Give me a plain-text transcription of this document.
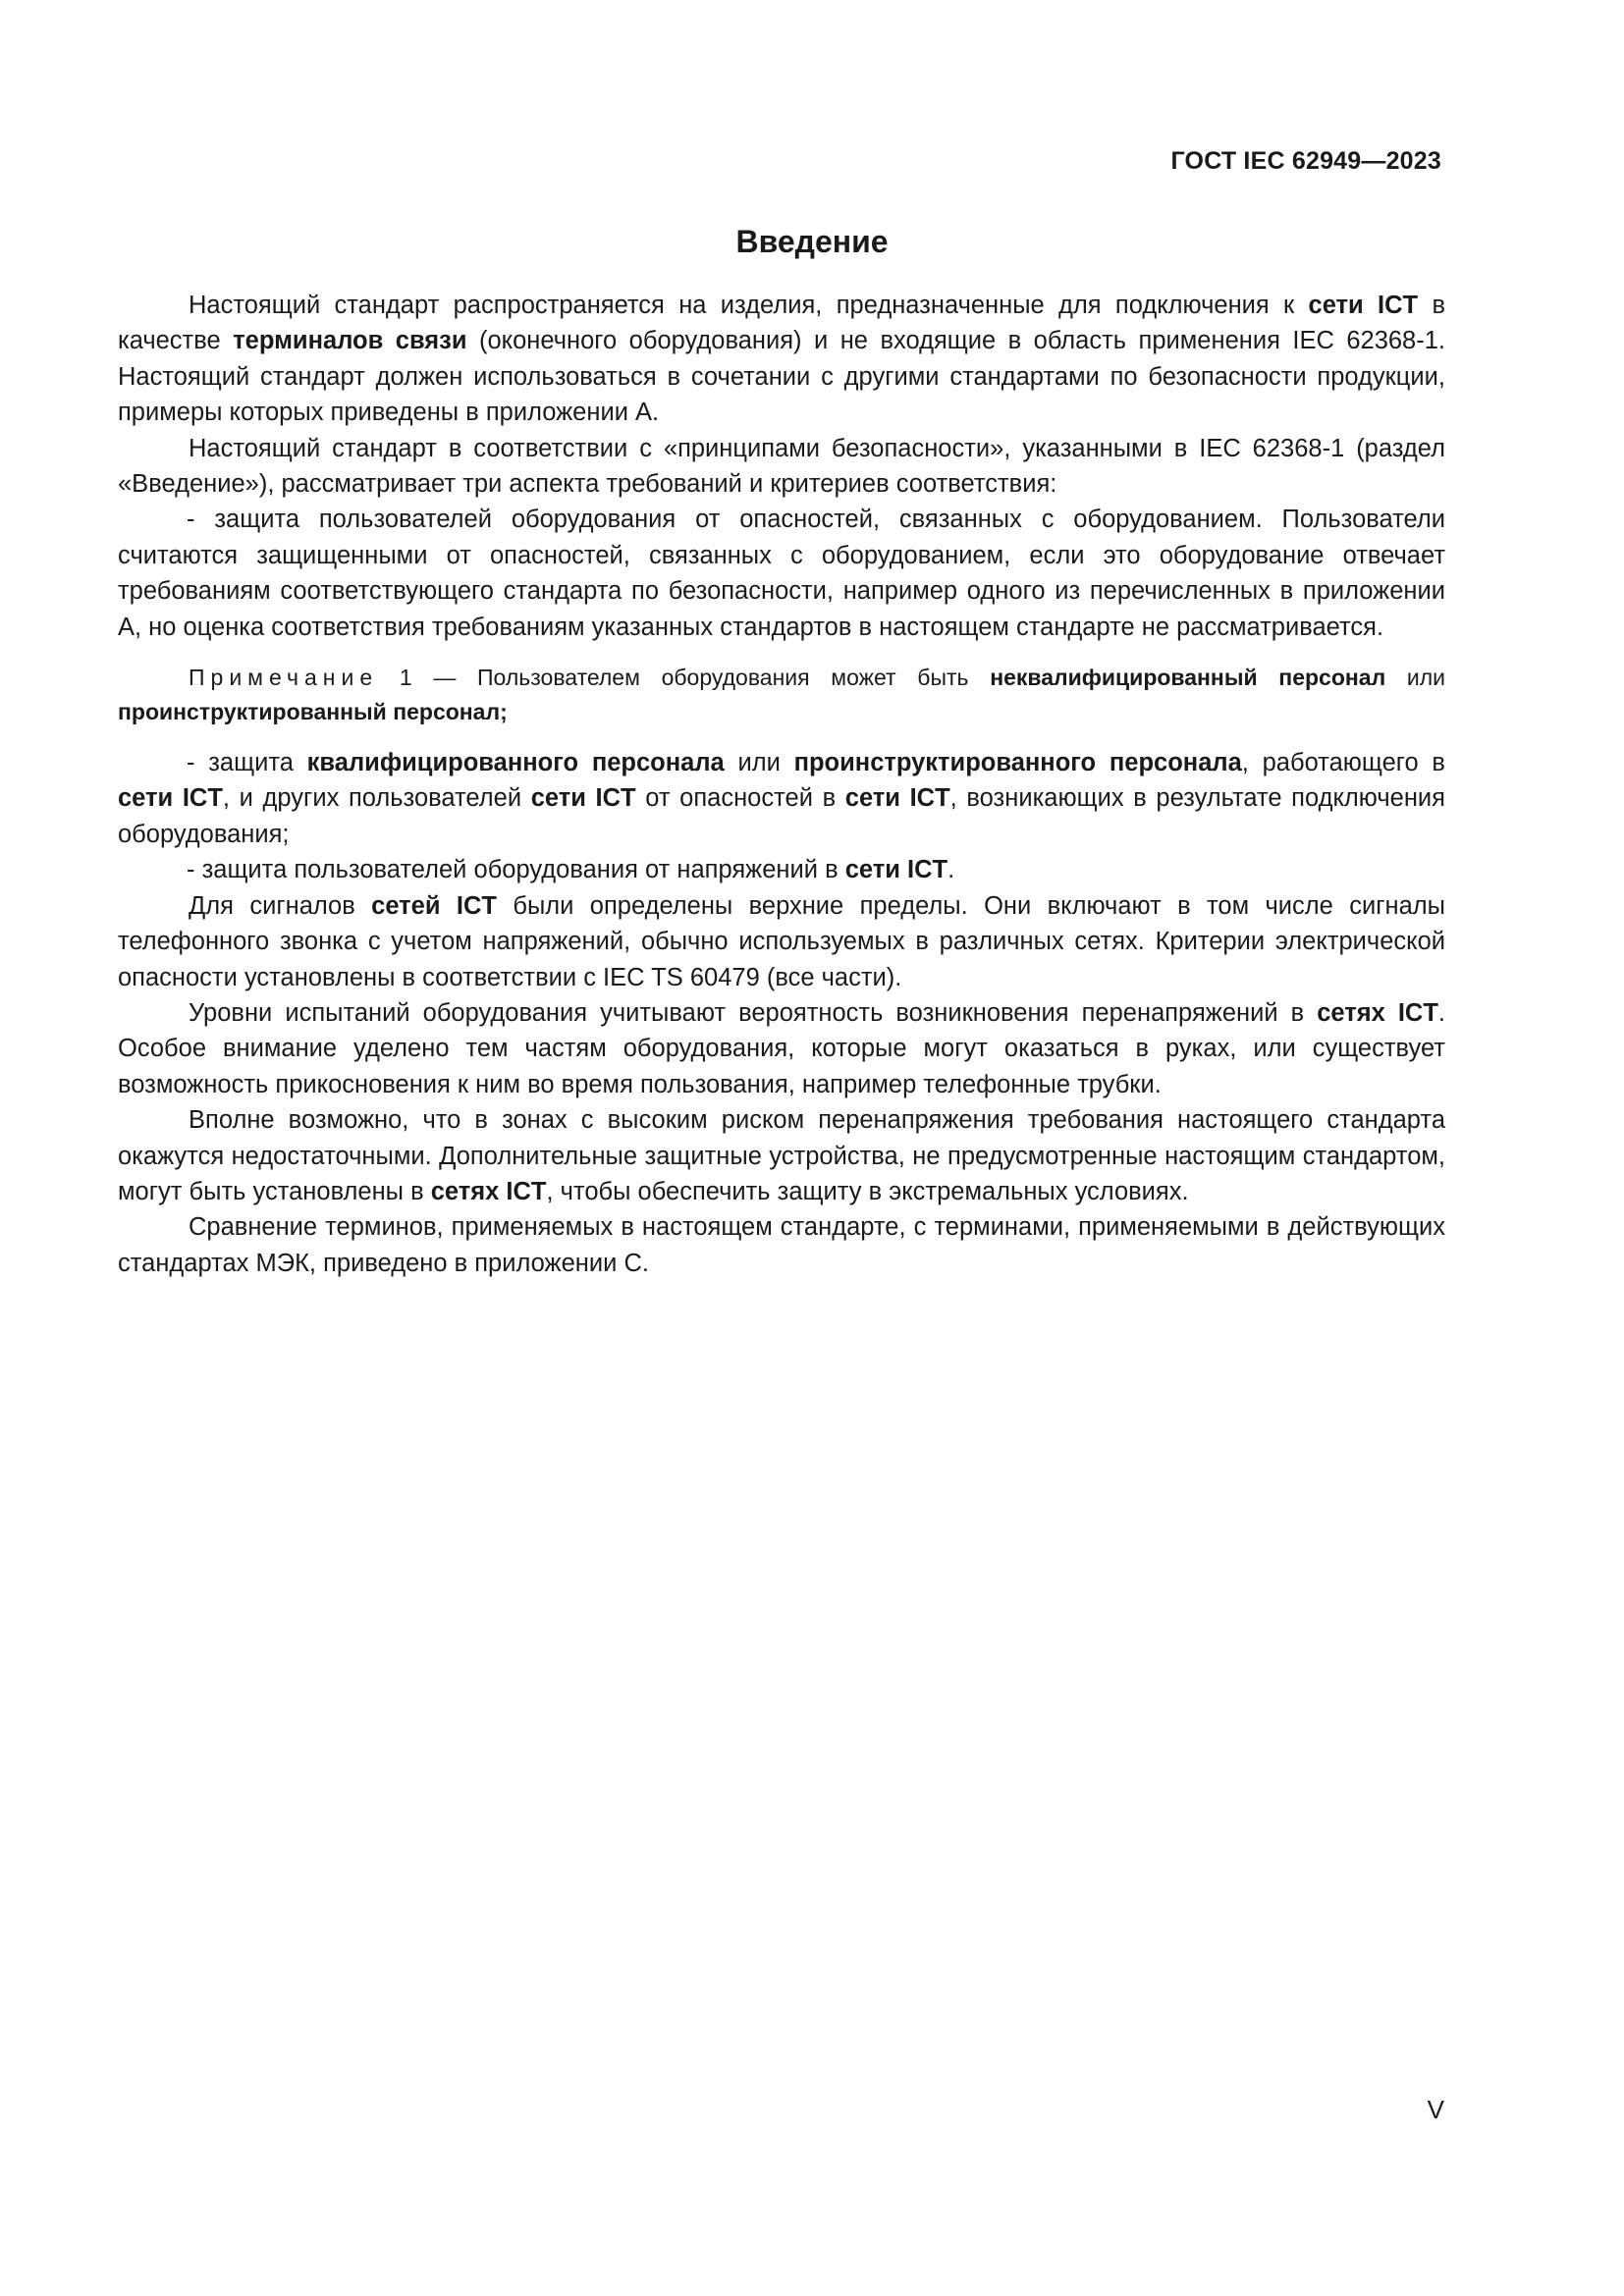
ГОСТ IEC 62949—2023
Введение

Настоящий стандарт распространяется на изделия, предназначенные для подключения к сети ICT в качестве терминалов связи (оконечного оборудования) и не входящие в область применения IEC 62368-1. Настоящий стандарт должен использоваться в сочетании с другими стандартами по безопасности продукции, примеры которых приведены в приложении А.

Настоящий стандарт в соответствии с «принципами безопасности», указанными в IEC 62368-1 (раздел «Введение»), рассматривает три аспекта требований и критериев соответствия:

- защита пользователей оборудования от опасностей, связанных с оборудованием. Пользователи считаются защищенными от опасностей, связанных с оборудованием, если это оборудование отвечает требованиям соответствующего стандарта по безопасности, например одного из перечисленных в приложении А, но оценка соответствия требованиям указанных стандартов в настоящем стандарте не рассматривается.

Примечание 1 — Пользователем оборудования может быть неквалифицированный персонал или проинструктированный персонал;

- защита квалифицированного персонала или проинструктированного персонала, работающего в сети ICT, и других пользователей сети ICT от опасностей в сети ICT, возникающих в результате подключения оборудования;

- защита пользователей оборудования от напряжений в сети ICT.

Для сигналов сетей ICT были определены верхние пределы. Они включают в том числе сигналы телефонного звонка с учетом напряжений, обычно используемых в различных сетях. Критерии электрической опасности установлены в соответствии с IEC TS 60479 (все части).

Уровни испытаний оборудования учитывают вероятность возникновения перенапряжений в сетях ICT. Особое внимание уделено тем частям оборудования, которые могут оказаться в руках, или существует возможность прикосновения к ним во время пользования, например телефонные трубки.

Вполне возможно, что в зонах с высоким риском перенапряжения требования настоящего стандарта окажутся недостаточными. Дополнительные защитные устройства, не предусмотренные настоящим стандартом, могут быть установлены в сетях ICT, чтобы обеспечить защиту в экстремальных условиях.

Сравнение терминов, применяемых в настоящем стандарте, с терминами, применяемыми в действующих стандартах МЭК, приведено в приложении С.

V
